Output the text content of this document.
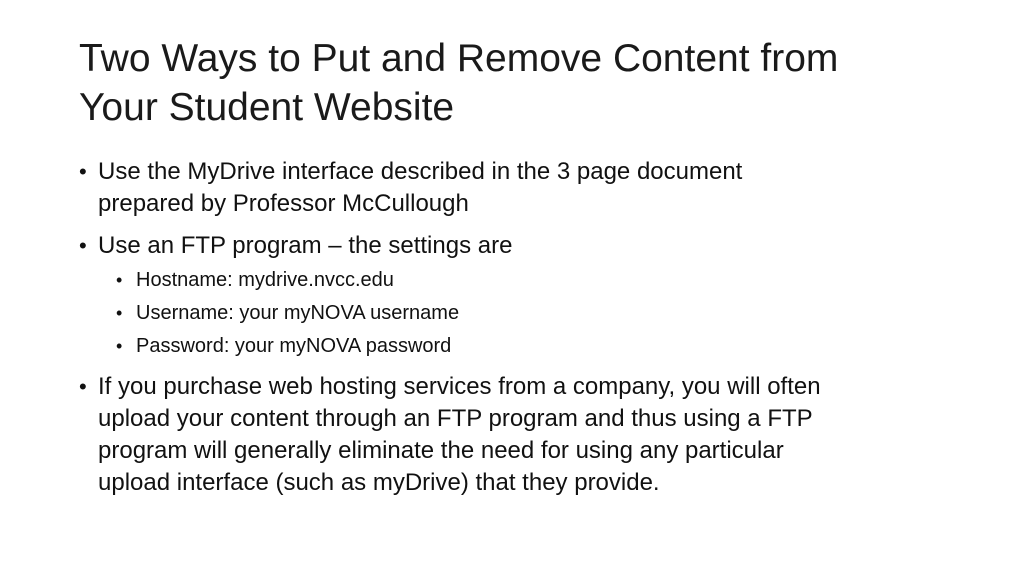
Two Ways to Put and Remove Content from
Your Student Website
• Use the MyDrive interface described in the 3 page document
prepared by Professor McCullough
• Use an FTP program – the settings are
• Hostname: mydrive.nvcc.edu
• Username: your myNOVA username
• Password: your myNOVA password
• If you purchase web hosting services from a company, you will often
upload your content through an FTP program and thus using a FTP
program will generally eliminate the need for using any particular
upload interface (such as myDrive) that they provide.
